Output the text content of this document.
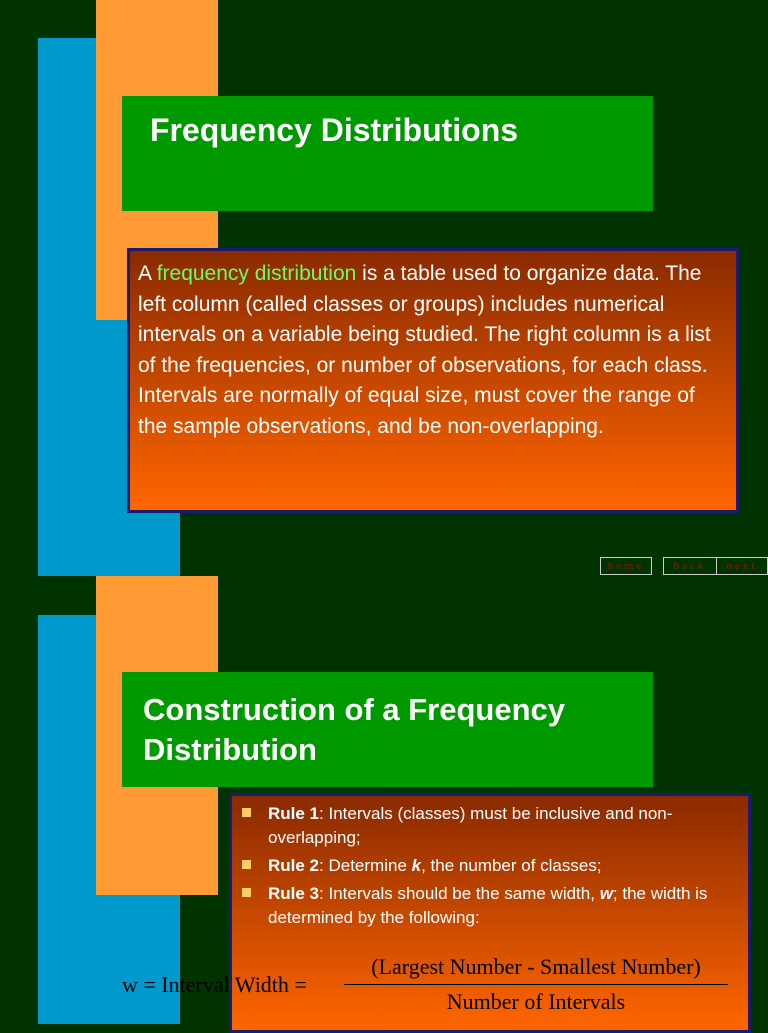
Frequency Distributions
A frequency distribution is a table used to organize data. The left column (called classes or groups) includes numerical intervals on a variable being studied. The right column is a list of the frequencies, or number of observations, for each class. Intervals are normally of equal size, must cover the range of the sample observations, and be non-overlapping.
home	back	next
Construction of a Frequency Distribution
Rule 1: Intervals (classes) must be inclusive and non-overlapping;
Rule 2: Determine k, the number of classes;
Rule 3: Intervals should be the same width, w; the width is determined by the following:
w = Interval Width =
(Largest Number - Smallest Number)
Number of Intervals
